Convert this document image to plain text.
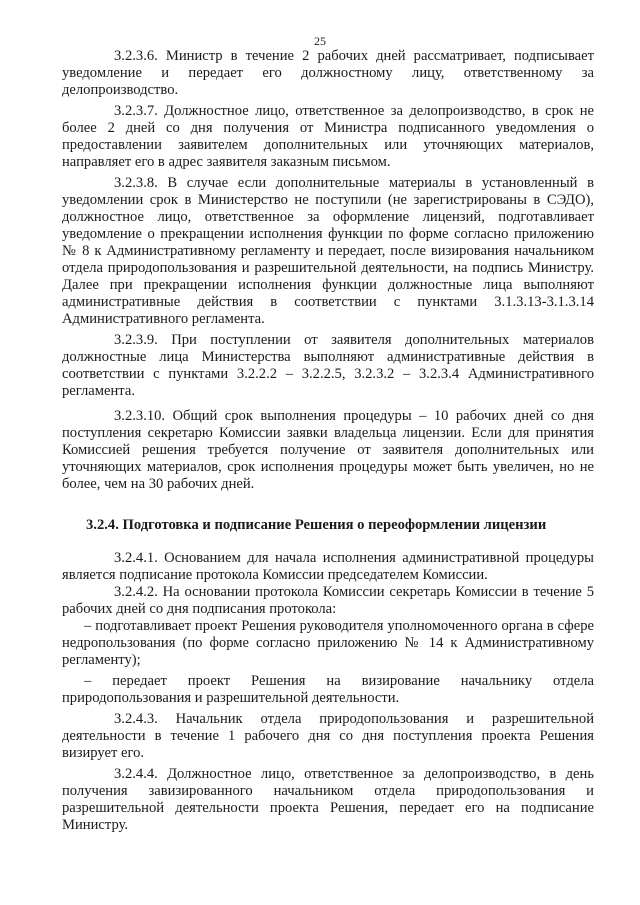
25

3.2.3.6. Министр в течение 2 рабочих дней рассматривает, подписывает уведомление и передает его должностному лицу, ответственному за делопроизводство.

3.2.3.7. Должностное лицо, ответственное за делопроизводство, в срок не более 2 дней со дня получения от Министра подписанного уведомления о предоставлении заявителем дополнительных или уточняющих материалов, направляет его в адрес заявителя заказным письмом.

3.2.3.8. В случае если дополнительные материалы в установленный в уведомлении срок в Министерство не поступили (не зарегистрированы в СЭДО), должностное лицо, ответственное за оформление лицензий, подготавливает уведомление о прекращении исполнения функции по форме согласно приложению № 8 к Административному регламенту и передает, после визирования начальником отдела природопользования и разрешительной деятельности, на подпись Министру. Далее при прекращении исполнения функции должностные лица выполняют административные действия в соответствии с пунктами 3.1.3.13-3.1.3.14 Административного регламента.

3.2.3.9. При поступлении от заявителя дополнительных материалов должностные лица Министерства выполняют административные действия в соответствии с пунктами 3.2.2.2 – 3.2.2.5, 3.2.3.2 – 3.2.3.4 Административного регламента.

3.2.3.10. Общий срок выполнения процедуры – 10 рабочих дней со дня поступления секретарю Комиссии заявки владельца лицензии. Если для принятия Комиссией решения требуется получение от заявителя дополнительных или уточняющих материалов, срок исполнения процедуры может быть увеличен, но не более, чем на 30 рабочих дней.

3.2.4. Подготовка и подписание Решения о переоформлении лицензии

3.2.4.1. Основанием для начала исполнения административной процедуры является подписание протокола Комиссии председателем Комиссии.

3.2.4.2. На основании протокола Комиссии секретарь Комиссии в течение 5 рабочих дней со дня подписания протокола:

– подготавливает проект Решения руководителя уполномоченного органа в сфере недропользования (по форме согласно приложению № 14 к Административному регламенту);

– передает проект Решения на визирование начальнику отдела природопользования и разрешительной деятельности.

3.2.4.3. Начальник отдела природопользования и разрешительной деятельности в течение 1 рабочего дня со дня поступления проекта Решения визирует его.

3.2.4.4. Должностное лицо, ответственное за делопроизводство, в день получения завизированного начальником отдела природопользования и разрешительной деятельности проекта Решения, передает его на подписание Министру.
